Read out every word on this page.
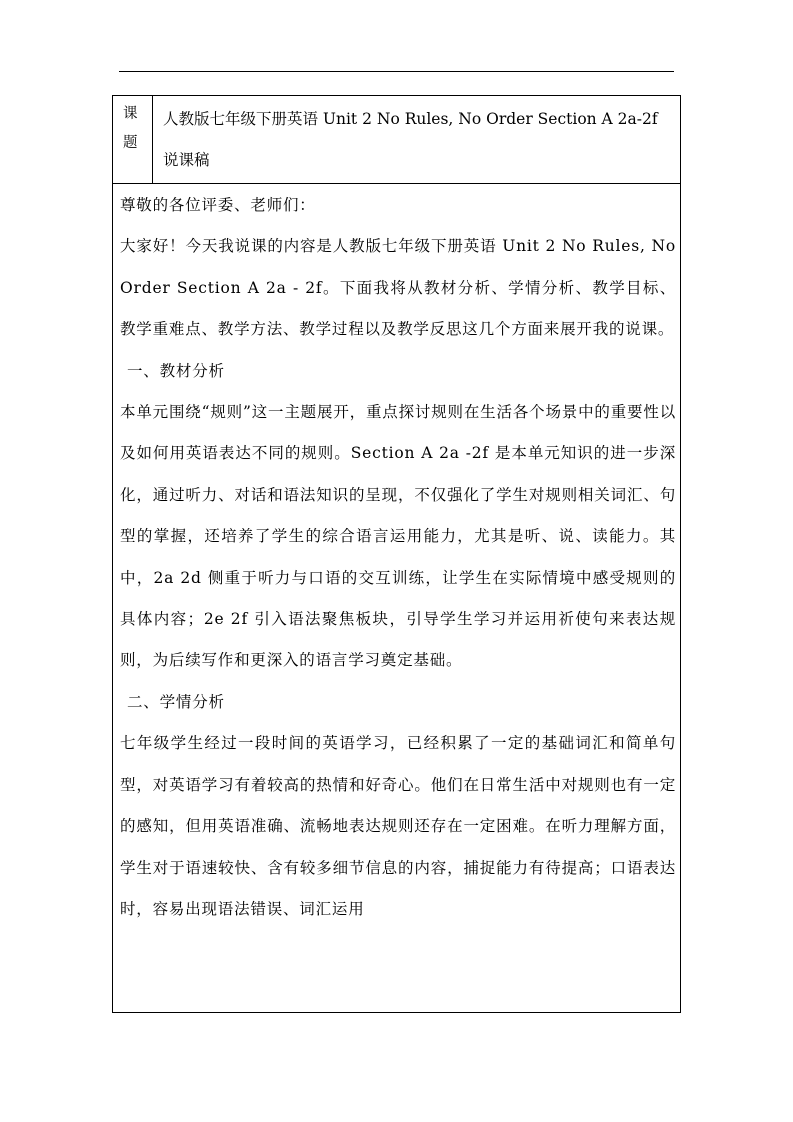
课
题
人教版七年级下册英语 Unit 2 No Rules, No Order Section A 2a-2f 说课稿

尊敬的各位评委、老师们：

大家好！今天我说课的内容是人教版七年级下册英语 Unit 2 No Rules, No Order Section A 2a - 2f。下面我将从教材分析、学情分析、教学目标、教学重难点、教学方法、教学过程以及教学反思这几个方面来展开我的说课。

一、教材分析

本单元围绕“规则”这一主题展开，重点探讨规则在生活各个场景中的重要性以及如何用英语表达不同的规则。Section A 2a -2f 是本单元知识的进一步深化，通过听力、对话和语法知识的呈现，不仅强化了学生对规则相关词汇、句型的掌握，还培养了学生的综合语言运用能力，尤其是听、说、读能力。其中，2a 2d 侧重于听力与口语的交互训练，让学生在实际情境中感受规则的具体内容；2e 2f 引入语法聚焦板块，引导学生学习并运用祈使句来表达规则，为后续写作和更深入的语言学习奠定基础。

二、学情分析

七年级学生经过一段时间的英语学习，已经积累了一定的基础词汇和简单句型，对英语学习有着较高的热情和好奇心。他们在日常生活中对规则也有一定的感知，但用英语准确、流畅地表达规则还存在一定困难。在听力理解方面，学生对于语速较快、含有较多细节信息的内容，捕捉能力有待提高；口语表达时，容易出现语法错误、词汇运用
